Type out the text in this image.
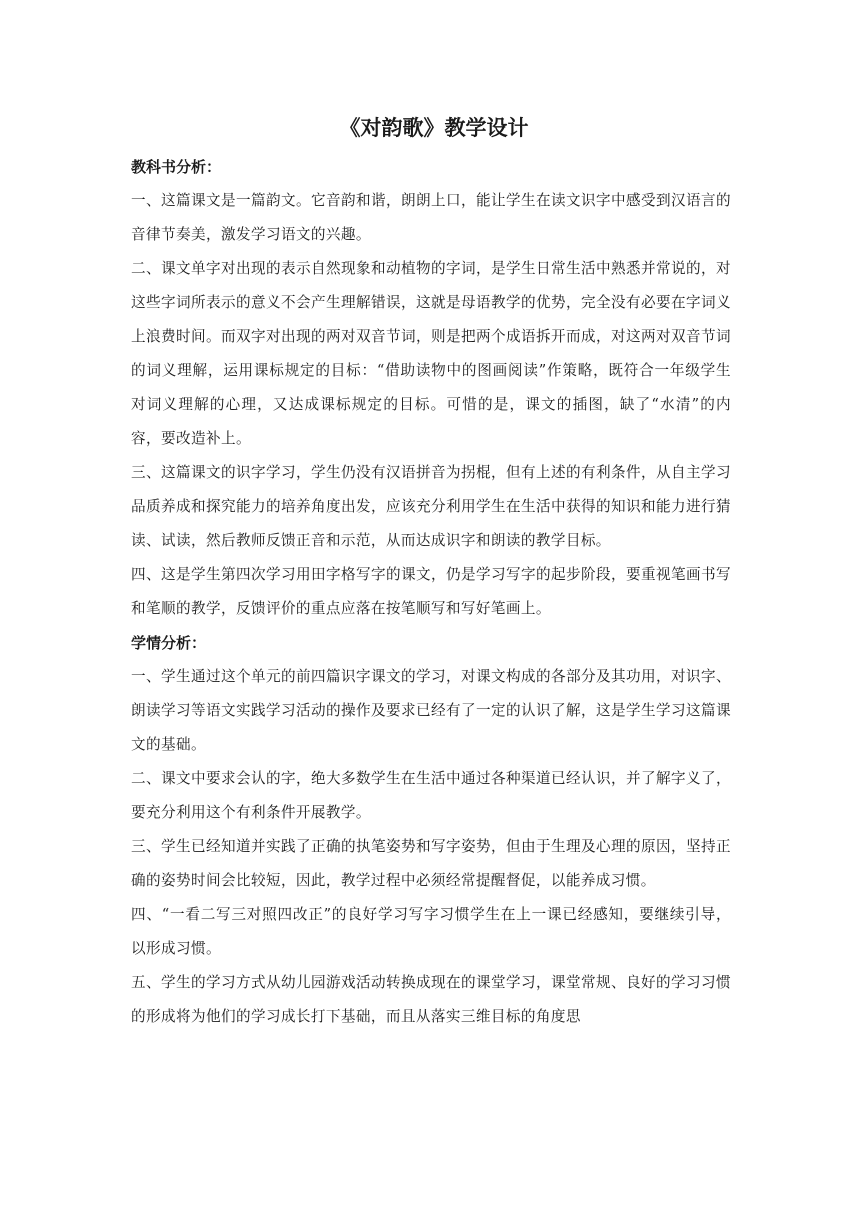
《对韵歌》教学设计
教科书分析：

一、这篇课文是一篇韵文。它音韵和谐，朗朗上口，能让学生在读文识字中感受到汉语言的音律节奏美，激发学习语文的兴趣。

二、课文单字对出现的表示自然现象和动植物的字词，是学生日常生活中熟悉并常说的，对这些字词所表示的意义不会产生理解错误，这就是母语教学的优势，完全没有必要在字词义上浪费时间。而双字对出现的两对双音节词，则是把两个成语拆开而成，对这两对双音节词的词义理解，运用课标规定的目标：“借助读物中的图画阅读”作策略，既符合一年级学生对词义理解的心理，又达成课标规定的目标。可惜的是，课文的插图，缺了“水清”的内容，要改造补上。

三、这篇课文的识字学习，学生仍没有汉语拼音为拐棍，但有上述的有利条件，从自主学习品质养成和探究能力的培养角度出发，应该充分利用学生在生活中获得的知识和能力进行猜读、试读，然后教师反馈正音和示范，从而达成识字和朗读的教学目标。

四、这是学生第四次学习用田字格写字的课文，仍是学习写字的起步阶段，要重视笔画书写和笔顺的教学，反馈评价的重点应落在按笔顺写和写好笔画上。

学情分析：

一、学生通过这个单元的前四篇识字课文的学习，对课文构成的各部分及其功用，对识字、朗读学习等语文实践学习活动的操作及要求已经有了一定的认识了解，这是学生学习这篇课文的基础。

二、课文中要求会认的字，绝大多数学生在生活中通过各种渠道已经认识，并了解字义了，要充分利用这个有利条件开展教学。

三、学生已经知道并实践了正确的执笔姿势和写字姿势，但由于生理及心理的原因，坚持正确的姿势时间会比较短，因此，教学过程中必须经常提醒督促，以能养成习惯。

四、“一看二写三对照四改正”的良好学习写字习惯学生在上一课已经感知，要继续引导，以形成习惯。

五、学生的学习方式从幼儿园游戏活动转换成现在的课堂学习，课堂常规、良好的学习习惯的形成将为他们的学习成长打下基础，而且从落实三维目标的角度思
